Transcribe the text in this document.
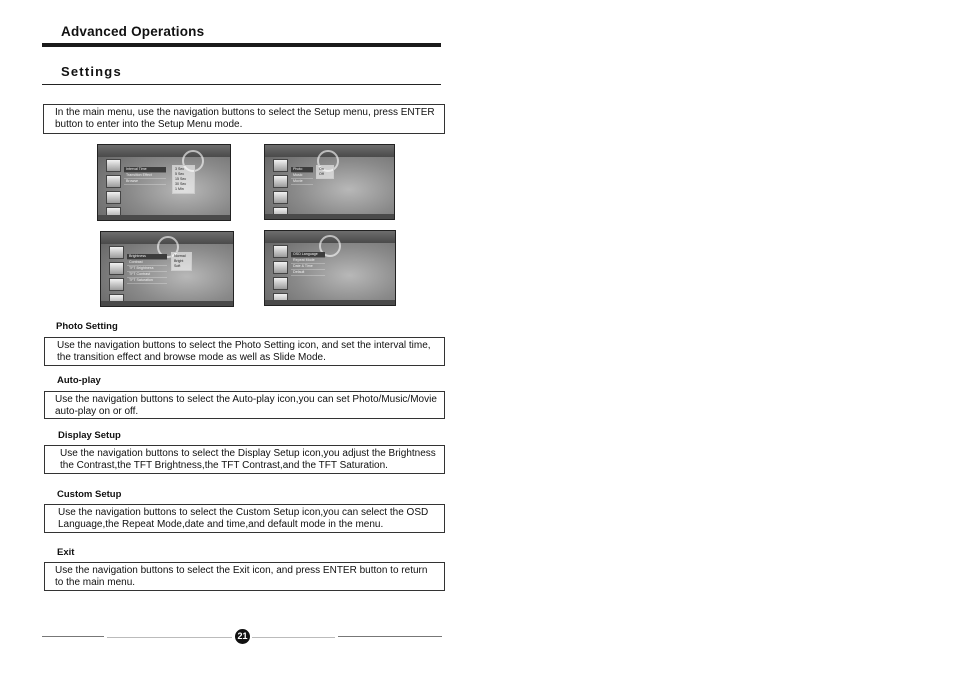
Advanced Operations
Settings
In the main menu, use the navigation buttons to select the Setup menu, press ENTER
button to enter into the Setup Menu mode.
Interval Time
Transition Effect
Browse
3 Sec
5 Sec
15 Sec
30 Sec
1 Min
Photo
Music
Movie
On
Off
Brightness
Contrast
TFT Brightness
TFT Contrast
TFT Saturation
Normal
Bright
Soft
OSD Language
Repeat Mode
Date & Time
Default
Photo Setting
Use the navigation buttons to select the Photo Setting icon, and set the interval time,
the transition effect and browse mode as well as Slide Mode.
Auto-play
Use the navigation buttons to select the Auto-play icon,you can set Photo/Music/Movie
auto-play on or off.
Display Setup
Use the navigation buttons to select the Display Setup icon,you adjust the Brightness
the Contrast,the TFT Brightness,the TFT Contrast,and the TFT Saturation.
Custom Setup
Use the navigation buttons to select the Custom Setup icon,you can select the OSD
Language,the Repeat Mode,date and time,and default mode in the menu.
Exit
Use the navigation buttons to select the Exit icon, and press ENTER button to return
to the main menu.
21
